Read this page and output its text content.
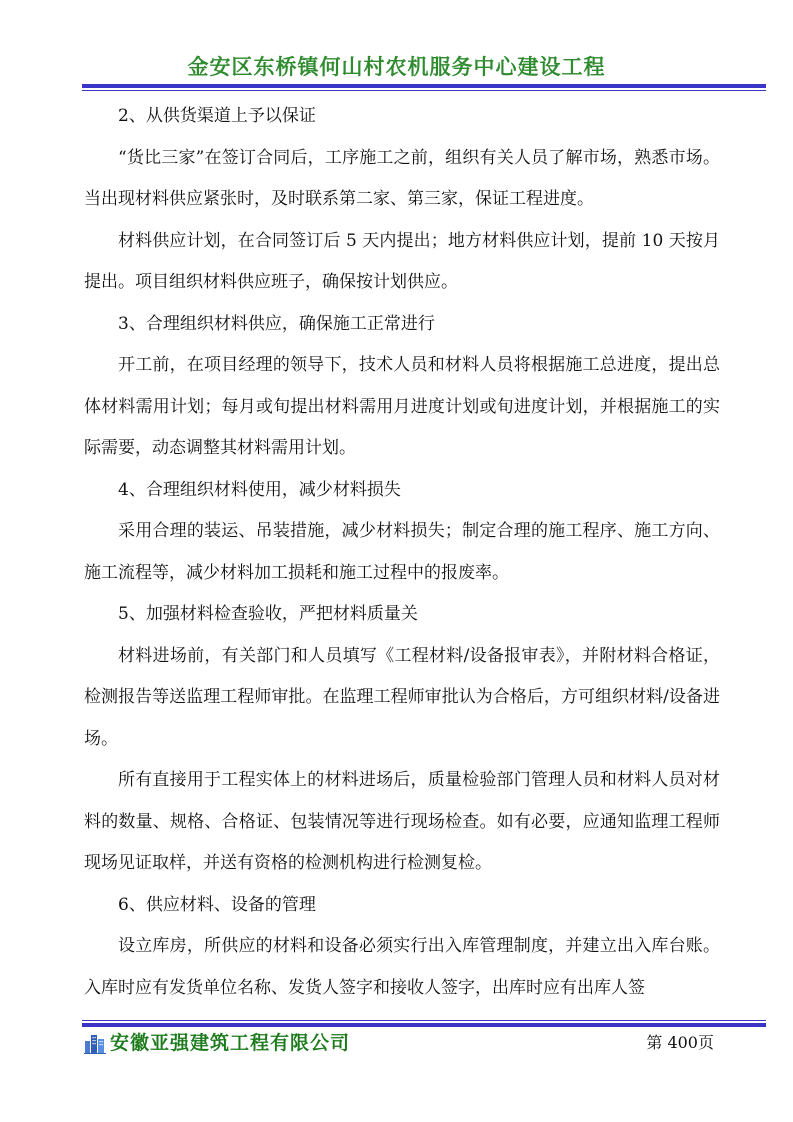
金安区东桥镇何山村农机服务中心建设工程

2、从供货渠道上予以保证

“货比三家”在签订合同后，工序施工之前，组织有关人员了解市场，熟悉市场。当出现材料供应紧张时，及时联系第二家、第三家，保证工程进度。

材料供应计划，在合同签订后 5 天内提出；地方材料供应计划，提前 10 天按月提出。项目组织材料供应班子，确保按计划供应。

3、合理组织材料供应，确保施工正常进行

开工前，在项目经理的领导下，技术人员和材料人员将根据施工总进度，提出总体材料需用计划；每月或旬提出材料需用月进度计划或旬进度计划，并根据施工的实际需要，动态调整其材料需用计划。

4、合理组织材料使用，减少材料损失

采用合理的装运、吊装措施，减少材料损失；制定合理的施工程序、施工方向、施工流程等，减少材料加工损耗和施工过程中的报废率。

5、加强材料检查验收，严把材料质量关

材料进场前，有关部门和人员填写《工程材料/设备报审表》，并附材料合格证，检测报告等送监理工程师审批。在监理工程师审批认为合格后，方可组织材料/设备进场。

所有直接用于工程实体上的材料进场后，质量检验部门管理人员和材料人员对材料的数量、规格、合格证、包装情况等进行现场检查。如有必要，应通知监理工程师现场见证取样，并送有资格的检测机构进行检测复检。

6、供应材料、设备的管理

设立库房，所供应的材料和设备必须实行出入库管理制度，并建立出入库台账。入库时应有发货单位名称、发货人签字和接收人签字，出库时应有出库人签

安徽亚强建筑工程有限公司	第 400页
